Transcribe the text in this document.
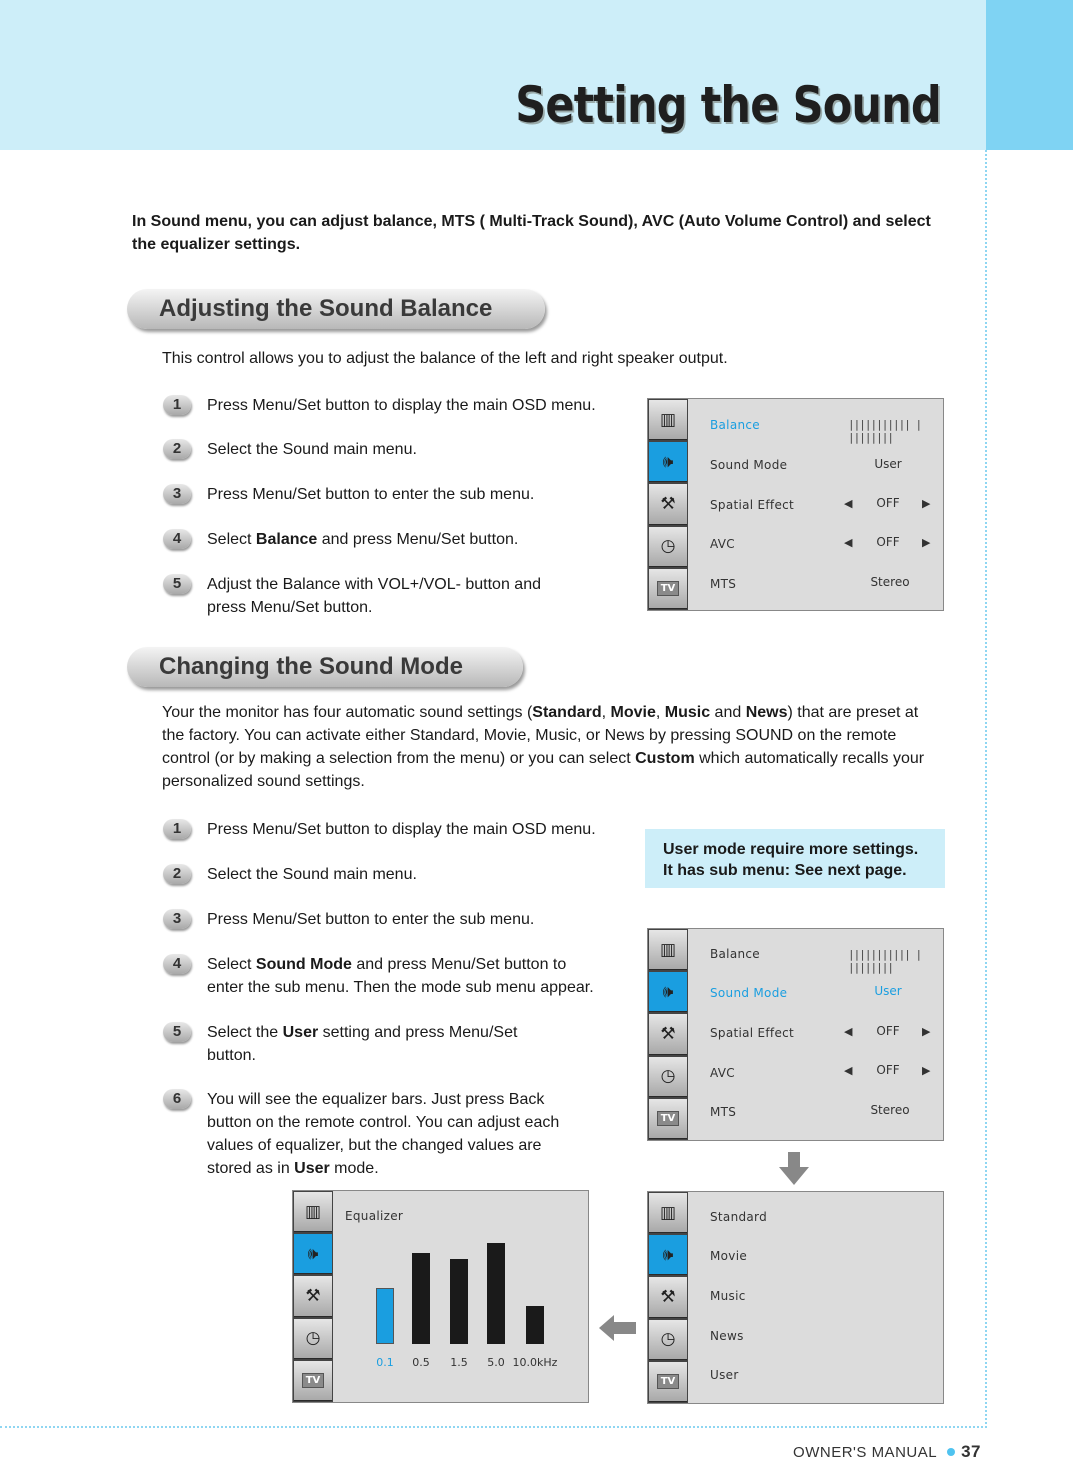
Setting the Sound
In Sound menu, you can adjust balance, MTS ( Multi-Track Sound), AVC (Auto Volume Control) and select the equalizer settings.
Adjusting the Sound Balance
This control allows you to adjust the balance of the left and right speaker output.
1	Press Menu/Set button to display the main OSD menu.
2	Select the Sound main menu.
3	Press Menu/Set button to enter the sub menu.
4	Select Balance and press Menu/Set button.
5	Adjust the Balance with VOL+/VOL- button and press Menu/Set button.
▥
🕪
⚒
◷
TV
Balance	||||||||||| | ||||||||
Sound Mode	User
Spatial Effect	◀	OFF	▶
AVC	◀	OFF	▶
MTS	Stereo
Changing the Sound Mode
Your the monitor has four automatic sound settings (Standard, Movie, Music and News) that are preset at the factory. You can activate either Standard, Movie, Music, or News by pressing SOUND on the remote control (or by making a selection from the menu) or you can select Custom which automatically recalls your personalized sound settings.
1	Press Menu/Set button to display the main OSD menu.
2	Select the Sound main menu.
3	Press Menu/Set button to enter the sub menu.
4	Select Sound Mode and press Menu/Set button to enter the sub menu. Then the mode sub menu appear.
5	Select the User setting and press Menu/Set button.
6	You will see the equalizer bars. Just press Back button on the remote control. You can adjust each values of equalizer, but the changed values are stored as in User mode.
User mode require more settings. It has sub menu: See next page.
▥
🕪
⚒
◷
TV
Balance	||||||||||| | ||||||||
Sound Mode	User
Spatial Effect	◀	OFF	▶
AVC	◀	OFF	▶
MTS	Stereo
▥
🕪
⚒
◷
TV
Standard
Movie
Music
News
User
▥
🕪
⚒
◷
TV
Equalizer
0.1	0.5	1.5	5.0 10.0kHz
OWNER'S MANUAL 37
